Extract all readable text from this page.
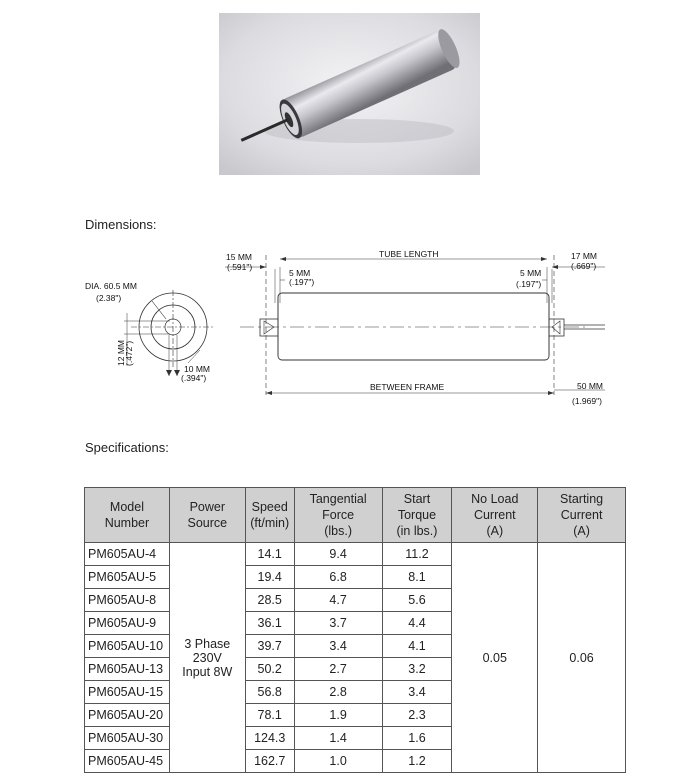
Dimensions:
DIA. 60.5 MM
(2.38")
12 MM
(.472")
10 MM
(.394")
15 MM
(.591")
5 MM
(.197")
TUBE LENGTH
5 MM
(.197")
17 MM
(.669")
BETWEEN FRAME	50 MM
(1.969")
Specifications:
Model
Number	Power
Source	Speed
(ft/min)	Tangential
Force
(lbs.)	Start
Torque
(in lbs.)	No Load
Current
(A)	Starting
Current
(A)

PM605AU-4	3 Phase
230V
Input 8W	14.1	9.4	11.2	0.05	0.06
PM605AU-5		19.4	6.8	8.1		
PM605AU-8		28.5	4.7	5.6		
PM605AU-9		36.1	3.7	4.4		
PM605AU-10		39.7	3.4	4.1		
PM605AU-13		50.2	2.7	3.2		
PM605AU-15		56.8	2.8	3.4		
PM605AU-20		78.1	1.9	2.3		
PM605AU-30		124.3	1.4	1.6		
PM605AU-45		162.7	1.0	1.2		
